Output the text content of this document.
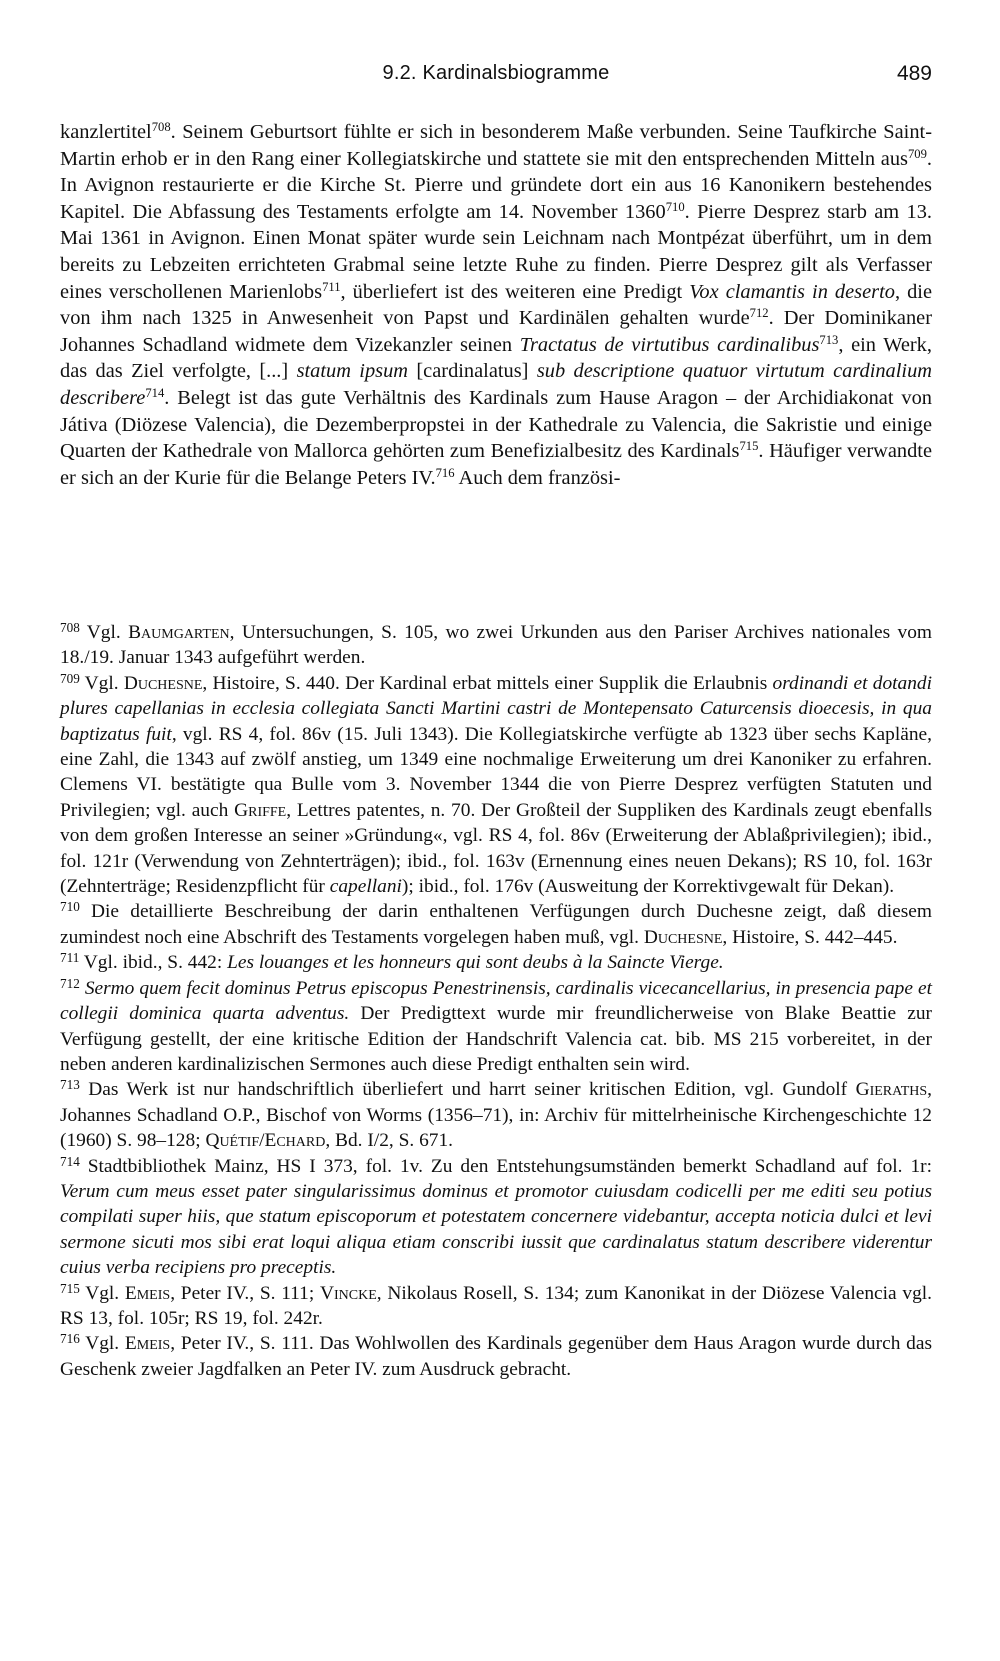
9.2. Kardinalsbiogramme	489
kanzlertitel$^{708}$. Seinem Geburtsort fühlte er sich in besonderem Maße verbunden. Seine Taufkirche Saint-Martin erhob er in den Rang einer Kollegiatskirche und stattete sie mit den entsprechenden Mitteln aus$^{709}$. In Avignon restaurierte er die Kirche St. Pierre und gründete dort ein aus 16 Kanonikern bestehendes Kapitel. Die Abfassung des Testaments erfolgte am 14. November 1360$^{710}$. Pierre Desprez starb am 13. Mai 1361 in Avignon. Einen Monat später wurde sein Leichnam nach Montpézat überführt, um in dem bereits zu Lebzeiten errichteten Grabmal seine letzte Ruhe zu finden. Pierre Desprez gilt als Verfasser eines verschollenen Marienlobs$^{711}$, überliefert ist des weiteren eine Predigt Vox clamantis in deserto, die von ihm nach 1325 in Anwesenheit von Papst und Kardinälen gehalten wurde$^{712}$. Der Dominikaner Johannes Schadland widmete dem Vizekanzler seinen Tractatus de virtutibus cardinalibus$^{713}$, ein Werk, das das Ziel verfolgte, [...] statum ipsum [cardinalatus] sub descriptione quatuor virtutum cardinalium describere$^{714}$. Belegt ist das gute Verhältnis des Kardinals zum Hause Aragon – der Archidiakonat von Játiva (Diözese Valencia), die Dezemberpropstei in der Kathedrale zu Valencia, die Sakristie und einige Quarten der Kathedrale von Mallorca gehörten zum Benefizialbesitz des Kardinals$^{715}$. Häufiger verwandte er sich an der Kurie für die Belange Peters IV.$^{716}$ Auch dem französi-

$^{708}$ Vgl. Baumgarten, Untersuchungen, S. 105, wo zwei Urkunden aus den Pariser Archives nationales vom 18./19. Januar 1343 aufgeführt werden.

$^{709}$ Vgl. Duchesne, Histoire, S. 440. Der Kardinal erbat mittels einer Supplik die Erlaubnis ordinandi et dotandi plures capellanias in ecclesia collegiata Sancti Martini castri de Montepensato Caturcensis dioecesis, in qua baptizatus fuit, vgl. RS 4, fol. 86v (15. Juli 1343). Die Kollegiatskirche verfügte ab 1323 über sechs Kapläne, eine Zahl, die 1343 auf zwölf anstieg, um 1349 eine nochmalige Erweiterung um drei Kanoniker zu erfahren. Clemens VI. bestätigte qua Bulle vom 3. November 1344 die von Pierre Desprez verfügten Statuten und Privilegien; vgl. auch Griffe, Lettres patentes, n. 70. Der Großteil der Suppliken des Kardinals zeugt ebenfalls von dem großen Interesse an seiner »Gründung«, vgl. RS 4, fol. 86v (Erweiterung der Ablaßprivilegien); ibid., fol. 121r (Verwendung von Zehnterträgen); ibid., fol. 163v (Ernennung eines neuen Dekans); RS 10, fol. 163r (Zehnterträge; Residenzpflicht für capellani); ibid., fol. 176v (Ausweitung der Korrektivgewalt für Dekan).

$^{710}$ Die detaillierte Beschreibung der darin enthaltenen Verfügungen durch Duchesne zeigt, daß diesem zumindest noch eine Abschrift des Testaments vorgelegen haben muß, vgl. Duchesne, Histoire, S. 442–445.

$^{711}$ Vgl. ibid., S. 442: Les louanges et les honneurs qui sont deubs à la Saincte Vierge.

$^{712}$ Sermo quem fecit dominus Petrus episcopus Penestrinensis, cardinalis vicecancellarius, in presencia pape et collegii dominica quarta adventus. Der Predigttext wurde mir freundlicherweise von Blake Beattie zur Verfügung gestellt, der eine kritische Edition der Handschrift Valencia cat. bib. MS 215 vorbereitet, in der neben anderen kardinalizischen Sermones auch diese Predigt enthalten sein wird.

$^{713}$ Das Werk ist nur handschriftlich überliefert und harrt seiner kritischen Edition, vgl. Gundolf Gieraths, Johannes Schadland O.P., Bischof von Worms (1356–71), in: Archiv für mittelrheinische Kirchengeschichte 12 (1960) S. 98–128; Quétif/Echard, Bd. I/2, S. 671.

$^{714}$ Stadtbibliothek Mainz, HS I 373, fol. 1v. Zu den Entstehungsumständen bemerkt Schadland auf fol. 1r: Verum cum meus esset pater singularissimus dominus et promotor cuiusdam codicelli per me editi seu potius compilati super hiis, que statum episcoporum et potestatem concernere videbantur, accepta noticia dulci et levi sermone sicuti mos sibi erat loqui aliqua etiam conscribi iussit que cardinalatus statum describere viderentur cuius verba recipiens pro preceptis.

$^{715}$ Vgl. Emeis, Peter IV., S. 111; Vincke, Nikolaus Rosell, S. 134; zum Kanonikat in der Diözese Valencia vgl. RS 13, fol. 105r; RS 19, fol. 242r.

$^{716}$ Vgl. Emeis, Peter IV., S. 111. Das Wohlwollen des Kardinals gegenüber dem Haus Aragon wurde durch das Geschenk zweier Jagdfalken an Peter IV. zum Ausdruck gebracht.
